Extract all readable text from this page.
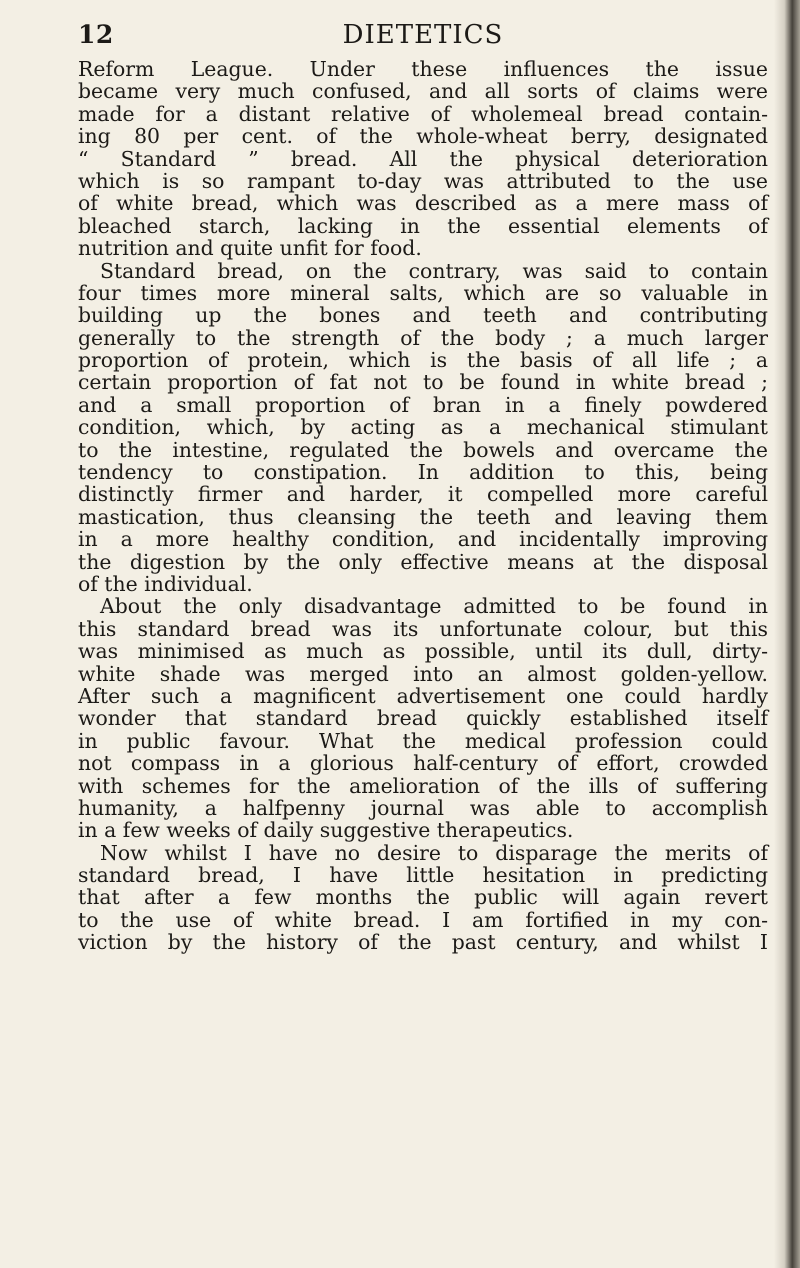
12	DIETETICS
Reform League. Under these influences the issue
became very much confused, and all sorts of claims were
made for a distant relative of wholemeal bread contain-
ing 80 per cent. of the whole-wheat berry, designated
“ Standard ” bread. All the physical deterioration
which is so rampant to-day was attributed to the use
of white bread, which was described as a mere mass of
bleached starch, lacking in the essential elements of
nutrition and quite unfit for food.
Standard bread, on the contrary, was said to contain
four times more mineral salts, which are so valuable in
building up the bones and teeth and contributing
generally to the strength of the body ; a much larger
proportion of protein, which is the basis of all life ; a
certain proportion of fat not to be found in white bread ;
and a small proportion of bran in a finely powdered
condition, which, by acting as a mechanical stimulant
to the intestine, regulated the bowels and overcame the
tendency to constipation. In addition to this, being
distinctly firmer and harder, it compelled more careful
mastication, thus cleansing the teeth and leaving them
in a more healthy condition, and incidentally improving
the digestion by the only effective means at the disposal
of the individual.
About the only disadvantage admitted to be found in
this standard bread was its unfortunate colour, but this
was minimised as much as possible, until its dull, dirty-
white shade was merged into an almost golden-yellow.
After such a magnificent advertisement one could hardly
wonder that standard bread quickly established itself
in public favour. What the medical profession could
not compass in a glorious half-century of effort, crowded
with schemes for the amelioration of the ills of suffering
humanity, a halfpenny journal was able to accomplish
in a few weeks of daily suggestive therapeutics.
Now whilst I have no desire to disparage the merits of
standard bread, I have little hesitation in predicting
that after a few months the public will again revert
to the use of white bread. I am fortified in my con-
viction by the history of the past century, and whilst I
